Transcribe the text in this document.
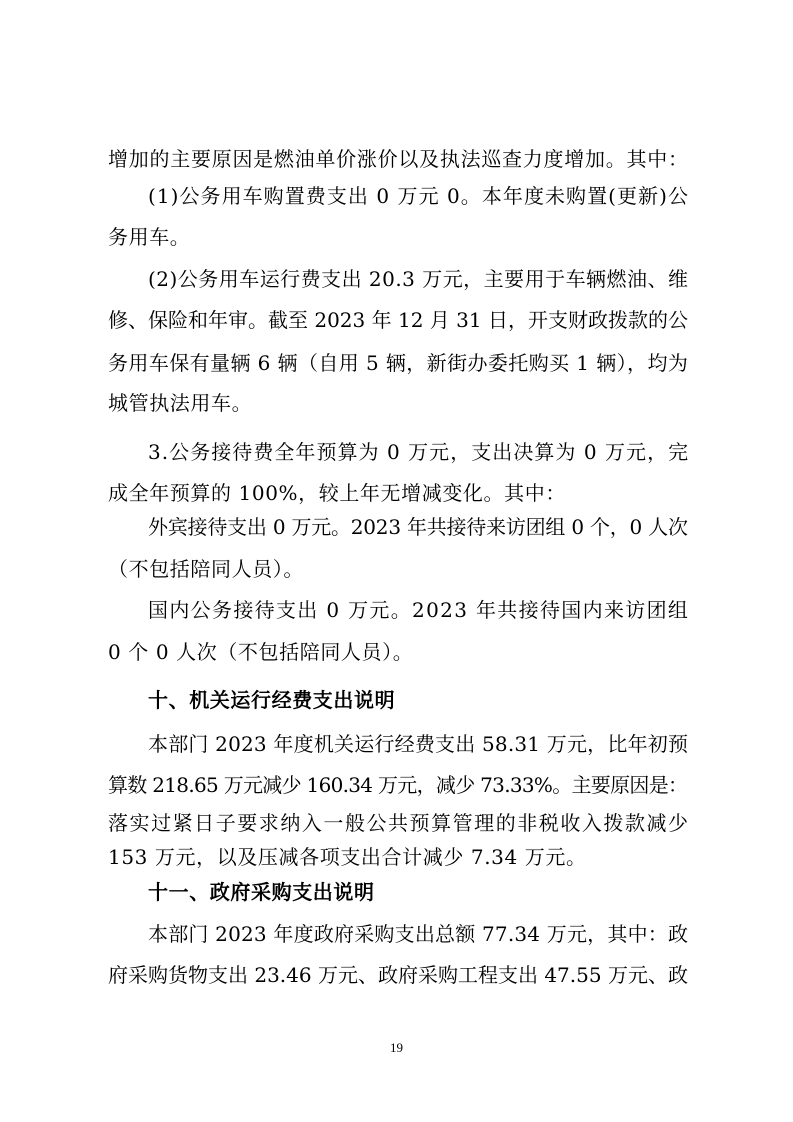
增加的主要原因是燃油单价涨价以及执法巡查力度增加。其中：

(1)公务用车购置费支出 0 万元 0。本年度未购置(更新)公

务用车。

(2)公务用车运行费支出 20.3 万元，主要用于车辆燃油、维

修、保险和年审。截至 2023 年 12 月 31 日，开支财政拨款的公

务用车保有量辆 6 辆（自用 5 辆，新街办委托购买 1 辆），均为

城管执法用车。

3.公务接待费全年预算为 0 万元，支出决算为 0 万元，完

成全年预算的 100%，较上年无增减变化。其中：

外宾接待支出 0 万元。2023 年共接待来访团组 0 个，0 人次

（不包括陪同人员）。

国内公务接待支出 0 万元。2023 年共接待国内来访团组

0 个 0 人次（不包括陪同人员）。

十、机关运行经费支出说明

本部门 2023 年度机关运行经费支出 58.31 万元，比年初预

算数 218.65 万元减少 160.34 万元，减少 73.33%。主要原因是：

落实过紧日子要求纳入一般公共预算管理的非税收入拨款减少

153 万元，以及压减各项支出合计减少 7.34 万元。

十一、政府采购支出说明

本部门 2023 年度政府采购支出总额 77.34 万元，其中：政

府采购货物支出 23.46 万元、政府采购工程支出 47.55 万元、政

19
